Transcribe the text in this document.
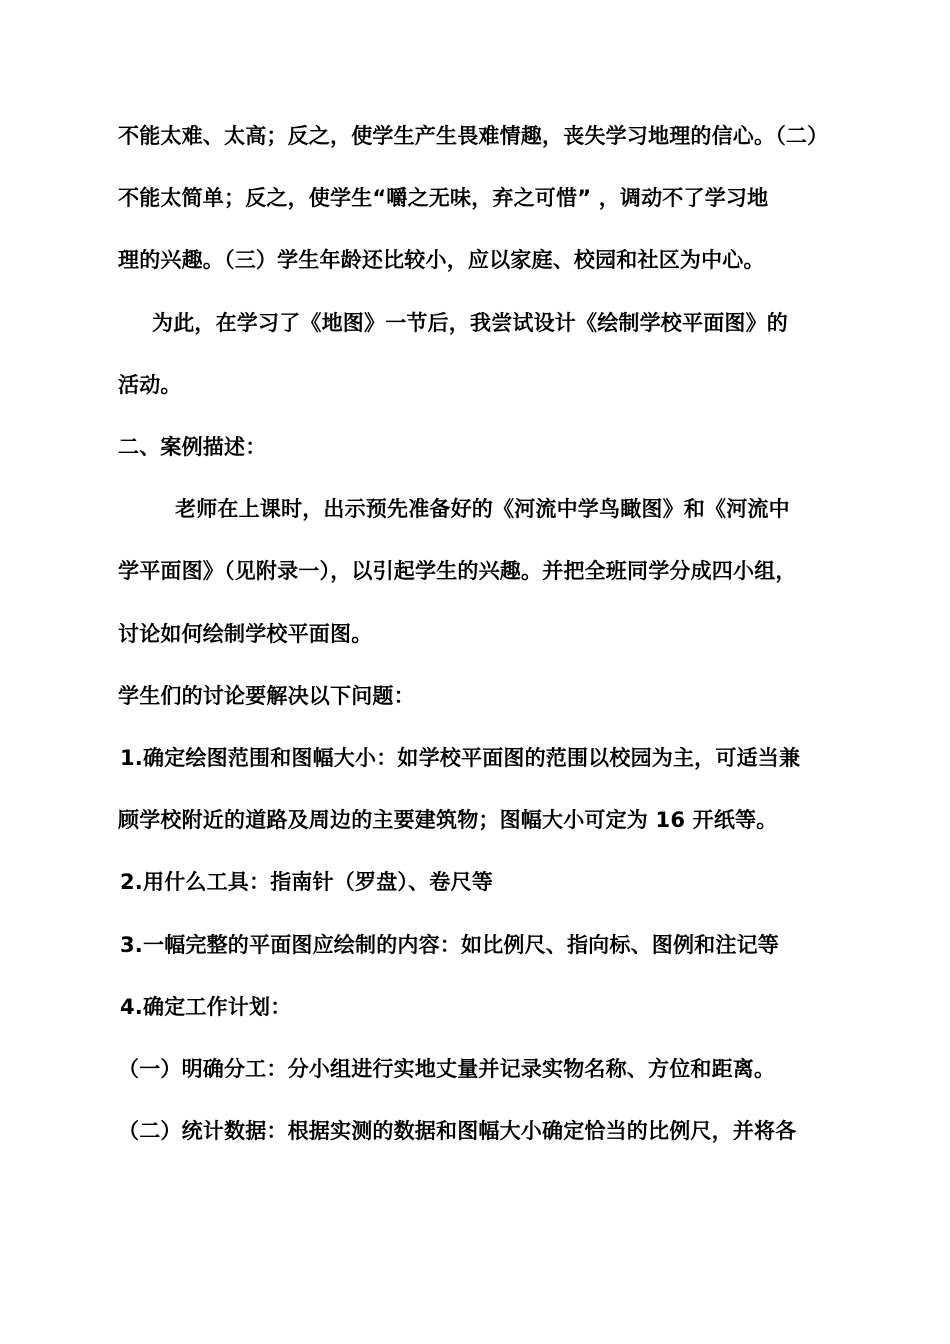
不能太难、太高；反之，使学生产生畏难情趣，丧失学习地理的信心。（二）
不能太简单；反之，使学生“嚼之无味，弃之可惜” ，调动不了学习地
理的兴趣。（三）学生年龄还比较小，应以家庭、校园和社区为中心。
为此，在学习了《地图》一节后，我尝试设计《绘制学校平面图》的
活动。
二、案例描述：
老师在上课时，出示预先准备好的《河流中学鸟瞰图》和《河流中
学平面图》（见附录一），以引起学生的兴趣。并把全班同学分成四小组，
讨论如何绘制学校平面图。
学生们的讨论要解决以下问题：
1.确定绘图范围和图幅大小：如学校平面图的范围以校园为主，可适当兼
顾学校附近的道路及周边的主要建筑物；图幅大小可定为 16 开纸等。
2.用什么工具：指南针（罗盘）、卷尺等
3.一幅完整的平面图应绘制的内容：如比例尺、指向标、图例和注记等
4.确定工作计划：
（一）明确分工：分小组进行实地丈量并记录实物名称、方位和距离。
（二）统计数据：根据实测的数据和图幅大小确定恰当的比例尺，并将各
